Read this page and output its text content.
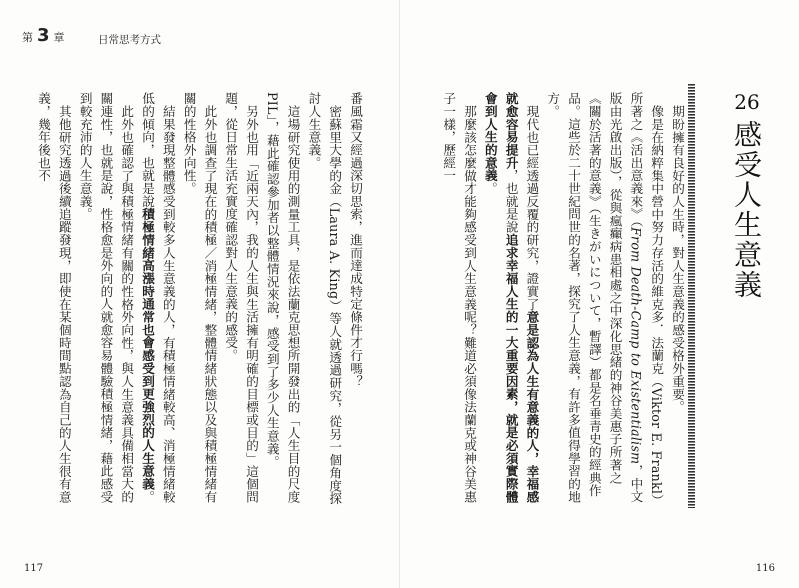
第 3 章	日常思考方式
26
感受人生意義

期盼擁有良好的人生時，對人生意義的感受格外重要。

像是在納粹集中營中努力存活的維克多．法蘭克（Viktor E. Frankl）所著之《活出意義來》（From Death-Camp to Existentialism，中文版由光啟出版），從與瘋癲病患相處之中深化思緒的神谷美惠子所著之《關於活著的意義》（生きがいについて，暫譯）都是名垂青史的經典作品。這些於二十世紀問世的名著，探究了人生意義，有許多值得學習的地方。

現代也已經透過反覆的研究，證實了意是認為人生有意義的人，幸福感就愈容易提升，也就是說追求幸福人生的一大重要因素，就是必須實際體會到人生的意義。

那麼該怎麼做才能夠感受到人生意義呢？難道必須像法蘭克或神谷美惠子一樣，歷經一

番風霜又經過深切思索，進而達成特定條件才行嗎？

密蘇里大學的金（Laura A. King）等人就透過研究，從另一個角度探討人生意義。

這場研究使用的測量工具，是依法蘭克思想所開發出的「人生目的尺度PIL」，藉此確認參加者以整體情況來說，感受到了多少人生意義。

另外也用「近兩天內，我的人生與生活擁有明確的目標或目的」這個問題，從日常生活充實度確認對人生意義的感受。

此外也調查了現在的積極／消極情緒，整體情緒狀態以及與積極情緒有關的性格外向性。

結果發現整體感受到較多人生意義的人，有積極情緒較高、消極情緒較低的傾向，也就是說積極情緒高漲時通常也會感受到更強烈的人生意義。

此外也確認了與積極情緒有關的性格外向性，與人生意義具備相當大的關連性，也就是說，性格愈是外向的人就愈容易體驗積極情緒，藉此感受到較充沛的人生意義。

其他研究透過後續追蹤發現，即使在某個時間點認為自己的人生很有意義，幾年後也不

117	116
